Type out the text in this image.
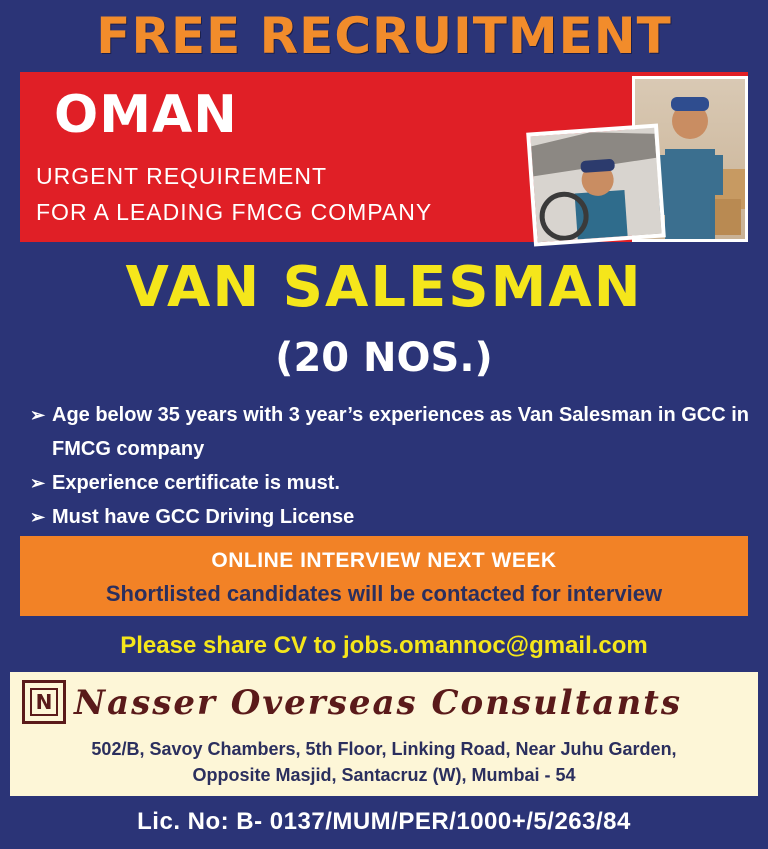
FREE RECRUITMENT
OMAN
URGENT REQUIREMENT
FOR A LEADING FMCG COMPANY
VAN SALESMAN
(20 NOS.)
➢ Age below 35 years with 3 year’s experiences as Van Salesman in GCC in FMCG company
➢ Experience certificate is must.
➢ Must have GCC Driving License
ONLINE INTERVIEW NEXT WEEK
Shortlisted candidates will be contacted for interview
Please share CV to jobs.omannoc@gmail.com
N Nasser Overseas Consultants
502/B, Savoy Chambers, 5th Floor, Linking Road, Near Juhu Garden,
Opposite Masjid, Santacruz (W), Mumbai - 54
Lic. No: B- 0137/MUM/PER/1000+/5/263/84
